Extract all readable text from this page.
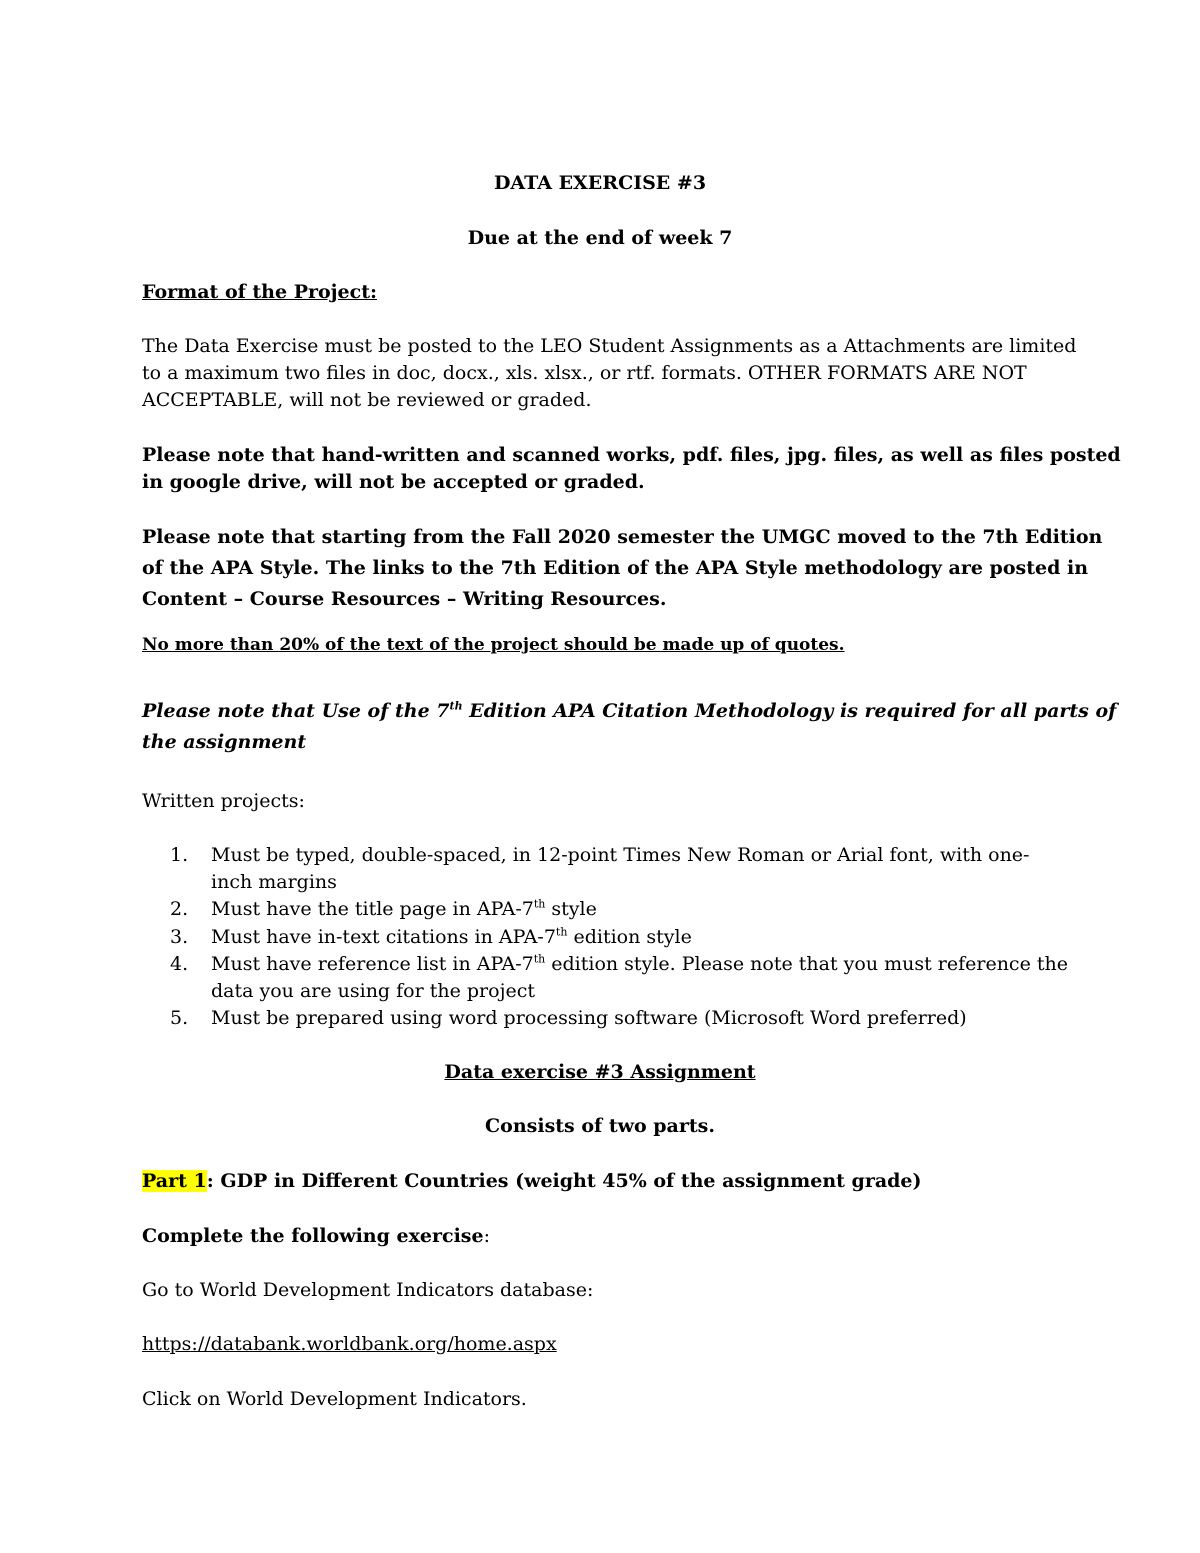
DATA EXERCISE #3
Due at the end of week 7
Format of the Project:
The Data Exercise must be posted to the LEO Student Assignments as a Attachments are limited
to a maximum two files in doc, docx., xls. xlsx., or rtf. formats. OTHER FORMATS ARE NOT
ACCEPTABLE, will not be reviewed or graded.
Please note that hand-written and scanned works, pdf. files, jpg. files, as well as files posted
in google drive, will not be accepted or graded.
Please note that starting from the Fall 2020 semester the UMGC moved to the 7th Edition
of the APA Style. The links to the 7th Edition of the APA Style methodology are posted in
Content – Course Resources – Writing Resources.
No more than 20% of the text of the project should be made up of quotes.
Please note that Use of the 7th Edition APA Citation Methodology is required for all parts of
the assignment
Written projects:
1. Must be typed, double-spaced, in 12-point Times New Roman or Arial font, with one-
inch margins
2. Must have the title page in APA-7th style
3. Must have in-text citations in APA-7th edition style
4. Must have reference list in APA-7th edition style. Please note that you must reference the
data you are using for the project
5. Must be prepared using word processing software (Microsoft Word preferred)
Data exercise #3 Assignment
Consists of two parts.
Part 1: GDP in Different Countries (weight 45% of the assignment grade)
Complete the following exercise:
Go to World Development Indicators database:
https://databank.worldbank.org/home.aspx
Click on World Development Indicators.
